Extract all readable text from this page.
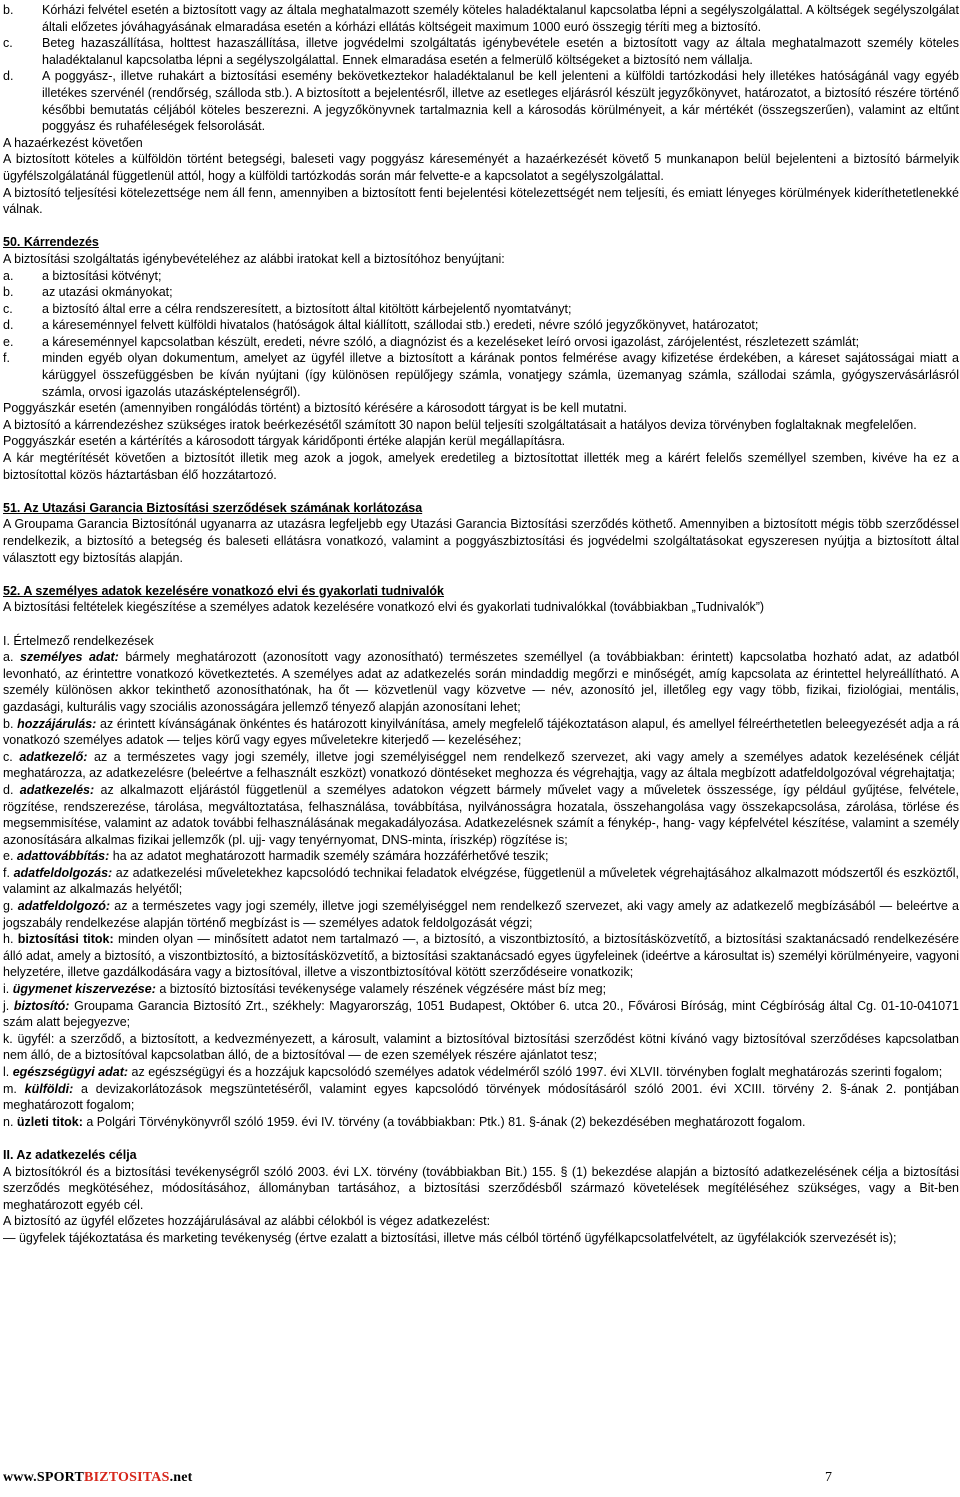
b.	Kórházi felvétel esetén a biztosított vagy az általa meghatalmazott személy köteles haladéktalanul kapcsolatba lépni a segélyszolgálattal. A költségek segélyszolgálat általi előzetes jóváhagyásának elmaradása esetén a kórházi ellátás költségeit maximum 1000 euró összegig téríti meg a biztosító.
c.	Beteg hazaszállítása, holttest hazaszállítása, illetve jogvédelmi szolgáltatás igénybevétele esetén a biztosított vagy az általa meghatalmazott személy köteles haladéktalanul kapcsolatba lépni a segélyszolgálattal. Ennek elmaradása esetén a felmerülő költségeket a biztosító nem vállalja.
d.	A poggyász-, illetve ruhakárt a biztosítási esemény bekövetkeztekor haladéktalanul be kell jelenteni a külföldi tartózkodási hely illetékes hatóságánál vagy egyéb illetékes szervénél (rendőrség, szálloda stb.). A biztosított a bejelentésről, illetve az esetleges eljárásról készült jegyzőkönyvet, határozatot, a biztosító részére történő későbbi bemutatás céljából köteles beszerezni. A jegyzőkönyvnek tartalmaznia kell a károsodás körülményeit, a kár mértékét (összegszerűen), valamint az eltűnt poggyász és ruhaféleségek felsorolását.

A hazaérkezést követően

A biztosított köteles a külföldön történt betegségi, baleseti vagy poggyász káreseményét a hazaérkezését követő 5 munkanapon belül bejelenteni a biztosító bármelyik ügyfélszolgálatánál függetlenül attól, hogy a külföldi tartózkodás során már felvette-e a kapcsolatot a segélyszolgálattal.

A biztosító teljesítési kötelezettsége nem áll fenn, amennyiben a biztosított fenti bejelentési kötelezettségét nem teljesíti, és emiatt lényeges körülmények kideríthetetlenekké válnak.

50. Kárrendezés

A biztosítási szolgáltatás igénybevételéhez az alábbi iratokat kell a biztosítóhoz benyújtani:

a.	a biztosítási kötvényt;
b.	az utazási okmányokat;
c.	a biztosító által erre a célra rendszeresített, a biztosított által kitöltött kárbejelentő nyomtatványt;
d.	a káreseménnyel felvett külföldi hivatalos (hatóságok által kiállított, szállodai stb.) eredeti, névre szóló jegyzőkönyvet, határozatot;
e.	a káreseménnyel kapcsolatban készült, eredeti, névre szóló, a diagnózist és a kezeléseket leíró orvosi igazolást, zárójelentést, részletezett számlát;
f.	minden egyéb olyan dokumentum, amelyet az ügyfél illetve a biztosított a kárának pontos felmérése avagy kifizetése érdekében, a káreset sajátosságai miatt a kárüggyel összefüggésben be kíván nyújtani (így különösen repülőjegy számla, vonatjegy számla, üzemanyag számla, szállodai számla, gyógyszervásárlásról számla, orvosi igazolás utazásképtelenségről).

Poggyászkár esetén (amennyiben rongálódás történt) a biztosító kérésére a károsodott tárgyat is be kell mutatni.

A biztosító a kárrendezéshez szükséges iratok beérkezésétől számított 30 napon belül teljesíti szolgáltatásait a hatályos deviza törvényben foglaltaknak megfelelően.

Poggyászkár esetén a kártérítés a károsodott tárgyak káridőponti értéke alapján kerül megállapításra.

A kár megtérítését követően a biztosítót illetik meg azok a jogok, amelyek eredetileg a biztosítottat illették meg a kárért felelős személlyel szemben, kivéve ha ez a biztosítottal közös háztartásban élő hozzátartozó.

51. Az Utazási Garancia Biztosítási szerződések számának korlátozása

A Groupama Garancia Biztosítónál ugyanarra az utazásra legfeljebb egy Utazási Garancia Biztosítási szerződés köthető. Amennyiben a biztosított mégis több szerződéssel rendelkezik, a biztosító a betegség és baleseti ellátásra vonatkozó, valamint a poggyászbiztosítási és jogvédelmi szolgáltatásokat egyszeresen nyújtja a biztosított által választott egy biztosítás alapján.

52. A személyes adatok kezelésére vonatkozó elvi és gyakorlati tudnivalók

A biztosítási feltételek kiegészítése a személyes adatok kezelésére vonatkozó elvi és gyakorlati tudnivalókkal (továbbiakban „Tudnivalók”)

I. Értelmező rendelkezések

a. személyes adat: bármely meghatározott (azonosított vagy azonosítható) természetes személlyel (a továbbiakban: érintett) kapcsolatba hozható adat, az adatból levonható, az érintettre vonatkozó következtetés. A személyes adat az adatkezelés során mindaddig megőrzi e minőségét, amíg kapcsolata az érintettel helyreállítható. A személy különösen akkor tekinthető azonosíthatónak, ha őt — közvetlenül vagy közvetve — név, azonosító jel, illetőleg egy vagy több, fizikai, fiziológiai, mentális, gazdasági, kulturális vagy szociális azonosságára jellemző tényező alapján azonosítani lehet;

b. hozzájárulás: az érintett kívánságának önkéntes és határozott kinyilvánítása, amely megfelelő tájékoztatáson alapul, és amellyel félreérthetetlen beleegyezését adja a rá vonatkozó személyes adatok — teljes körű vagy egyes műveletekre kiterjedő — kezeléséhez;

c. adatkezelő: az a természetes vagy jogi személy, illetve jogi személyiséggel nem rendelkező szervezet, aki vagy amely a személyes adatok kezelésének célját meghatározza, az adatkezelésre (beleértve a felhasznált eszközt) vonatkozó döntéseket meghozza és végrehajtja, vagy az általa megbízott adatfeldolgozóval végrehajtatja;

d. adatkezelés: az alkalmazott eljárástól függetlenül a személyes adatokon végzett bármely művelet vagy a műveletek összessége, így például gyűjtése, felvétele, rögzítése, rendszerezése, tárolása, megváltoztatása, felhasználása, továbbítása, nyilvánosságra hozatala, összehangolása vagy összekapcsolása, zárolása, törlése és megsemmisítése, valamint az adatok további felhasználásának megakadályozása. Adatkezelésnek számít a fénykép-, hang- vagy képfelvétel készítése, valamint a személy azonosítására alkalmas fizikai jellemzők (pl. ujj- vagy tenyérnyomat, DNS-minta, íriszkép) rögzítése is;

e. adattovábbítás: ha az adatot meghatározott harmadik személy számára hozzáférhetővé teszik;

f. adatfeldolgozás: az adatkezelési műveletekhez kapcsolódó technikai feladatok elvégzése, függetlenül a műveletek végrehajtásához alkalmazott módszertől és eszköztől, valamint az alkalmazás helyétől;

g. adatfeldolgozó: az a természetes vagy jogi személy, illetve jogi személyiséggel nem rendelkező szervezet, aki vagy amely az adatkezelő megbízásából — beleértve a jogszabály rendelkezése alapján történő megbízást is — személyes adatok feldolgozását végzi;

h. biztosítási titok: minden olyan — minősített adatot nem tartalmazó —, a biztosító, a viszontbiztosító, a biztosításközvetítő, a biztosítási szaktanácsadó rendelkezésére álló adat, amely a biztosító, a viszontbiztosító, a biztosításközvetítő, a biztosítási szaktanácsadó egyes ügyfeleinek (ideértve a károsultat is) személyi körülményeire, vagyoni helyzetére, illetve gazdálkodására vagy a biztosítóval, illetve a viszontbiztosítóval kötött szerződéseire vonatkozik;

i. ügymenet kiszervezése: a biztosító biztosítási tevékenysége valamely részének végzésére mást bíz meg;

j. biztosító: Groupama Garancia Biztosító Zrt., székhely: Magyarország, 1051 Budapest, Október 6. utca 20., Fővárosi Bíróság, mint Cégbíróság által Cg. 01-10-041071 szám alatt bejegyezve;

k. ügyfél: a szerződő, a biztosított, a kedvezményezett, a károsult, valamint a biztosítóval biztosítási szerződést kötni kívánó vagy biztosítóval szerződéses kapcsolatban nem álló, de a biztosítóval kapcsolatban álló, de a biztosítóval — de ezen személyek részére ajánlatot tesz;

l. egészségügyi adat: az egészségügyi és a hozzájuk kapcsolódó személyes adatok védelméről szóló 1997. évi XLVII. törvényben foglalt meghatározás szerinti fogalom;

m. külföldi: a devizakorlátozások megszüntetéséről, valamint egyes kapcsolódó törvények módosításáról szóló 2001. évi XCIII. törvény 2. §-ának 2. pontjában meghatározott fogalom;

n. üzleti titok: a Polgári Törvénykönyvről szóló 1959. évi IV. törvény (a továbbiakban: Ptk.) 81. §-ának (2) bekezdésében meghatározott fogalom.

II. Az adatkezelés célja

A biztosítókról és a biztosítási tevékenységről szóló 2003. évi LX. törvény (továbbiakban Bit.) 155. § (1) bekezdése alapján a biztosító adatkezelésének célja a biztosítási szerződés megkötéséhez, módosításához, állományban tartásához, a biztosítási szerződésből származó követelések megítéléséhez szükséges, vagy a Bit-ben meghatározott egyéb cél.

A biztosító az ügyfél előzetes hozzájárulásával az alábbi célokból is végez adatkezelést:

— ügyfelek tájékoztatása és marketing tevékenység (értve ezalatt a biztosítási, illetve más célból történő ügyfélkapcsolatfelvételt, az ügyfélakciók szervezését is);

www.SPORTBIZTOSITAS.net	7
